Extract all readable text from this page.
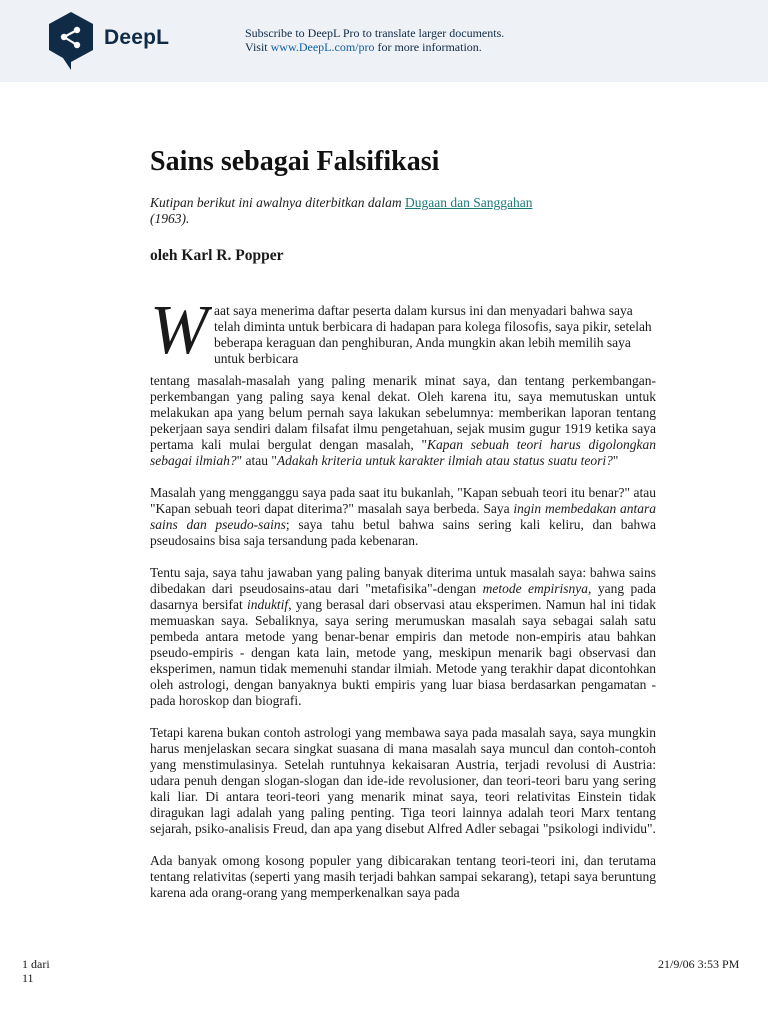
DeepL	Subscribe to DeepL Pro to translate larger documents.
Visit www.DeepL.com/pro for more information.
Sains sebagai Falsifikasi
Kutipan berikut ini awalnya diterbitkan dalam Dugaan dan Sanggahan
(1963).
oleh Karl R. Popper
W aat saya menerima daftar peserta dalam kursus ini dan menyadari bahwa saya telah diminta untuk berbicara di hadapan para kolega filosofis, saya pikir, setelah beberapa keraguan dan penghiburan, Anda mungkin akan lebih memilih saya untuk berbicara

tentang masalah-masalah yang paling menarik minat saya, dan tentang perkembangan-perkembangan yang paling saya kenal dekat. Oleh karena itu, saya memutuskan untuk melakukan apa yang belum pernah saya lakukan sebelumnya: memberikan laporan tentang pekerjaan saya sendiri dalam filsafat ilmu pengetahuan, sejak musim gugur 1919 ketika saya pertama kali mulai bergulat dengan masalah, "Kapan sebuah teori harus digolongkan sebagai ilmiah?" atau "Adakah kriteria untuk karakter ilmiah atau status suatu teori?"

Masalah yang mengganggu saya pada saat itu bukanlah, "Kapan sebuah teori itu benar?" atau "Kapan sebuah teori dapat diterima?" masalah saya berbeda. Saya ingin membedakan antara sains dan pseudo-sains; saya tahu betul bahwa sains sering kali keliru, dan bahwa pseudosains bisa saja tersandung pada kebenaran.

Tentu saja, saya tahu jawaban yang paling banyak diterima untuk masalah saya: bahwa sains dibedakan dari pseudosains-atau dari "metafisika"-dengan metode empirisnya, yang pada dasarnya bersifat induktif, yang berasal dari observasi atau eksperimen. Namun hal ini tidak memuaskan saya. Sebaliknya, saya sering merumuskan masalah saya sebagai salah satu pembeda antara metode yang benar-benar empiris dan metode non-empiris atau bahkan pseudo-empiris - dengan kata lain, metode yang, meskipun menarik bagi observasi dan eksperimen, namun tidak memenuhi standar ilmiah. Metode yang terakhir dapat dicontohkan oleh astrologi, dengan banyaknya bukti empiris yang luar biasa berdasarkan pengamatan - pada horoskop dan biografi.

Tetapi karena bukan contoh astrologi yang membawa saya pada masalah saya, saya mungkin harus menjelaskan secara singkat suasana di mana masalah saya muncul dan contoh-contoh yang menstimulasinya. Setelah runtuhnya kekaisaran Austria, terjadi revolusi di Austria: udara penuh dengan slogan-slogan dan ide-ide revolusioner, dan teori-teori baru yang sering kali liar. Di antara teori-teori yang menarik minat saya, teori relativitas Einstein tidak diragukan lagi adalah yang paling penting. Tiga teori lainnya adalah teori Marx tentang sejarah, psiko-analisis Freud, dan apa yang disebut Alfred Adler sebagai "psikologi individu".

Ada banyak omong kosong populer yang dibicarakan tentang teori-teori ini, dan terutama tentang relativitas (seperti yang masih terjadi bahkan sampai sekarang), tetapi saya beruntung karena ada orang-orang yang memperkenalkan saya pada

1 dari
11
21/9/06 3:53 PM
